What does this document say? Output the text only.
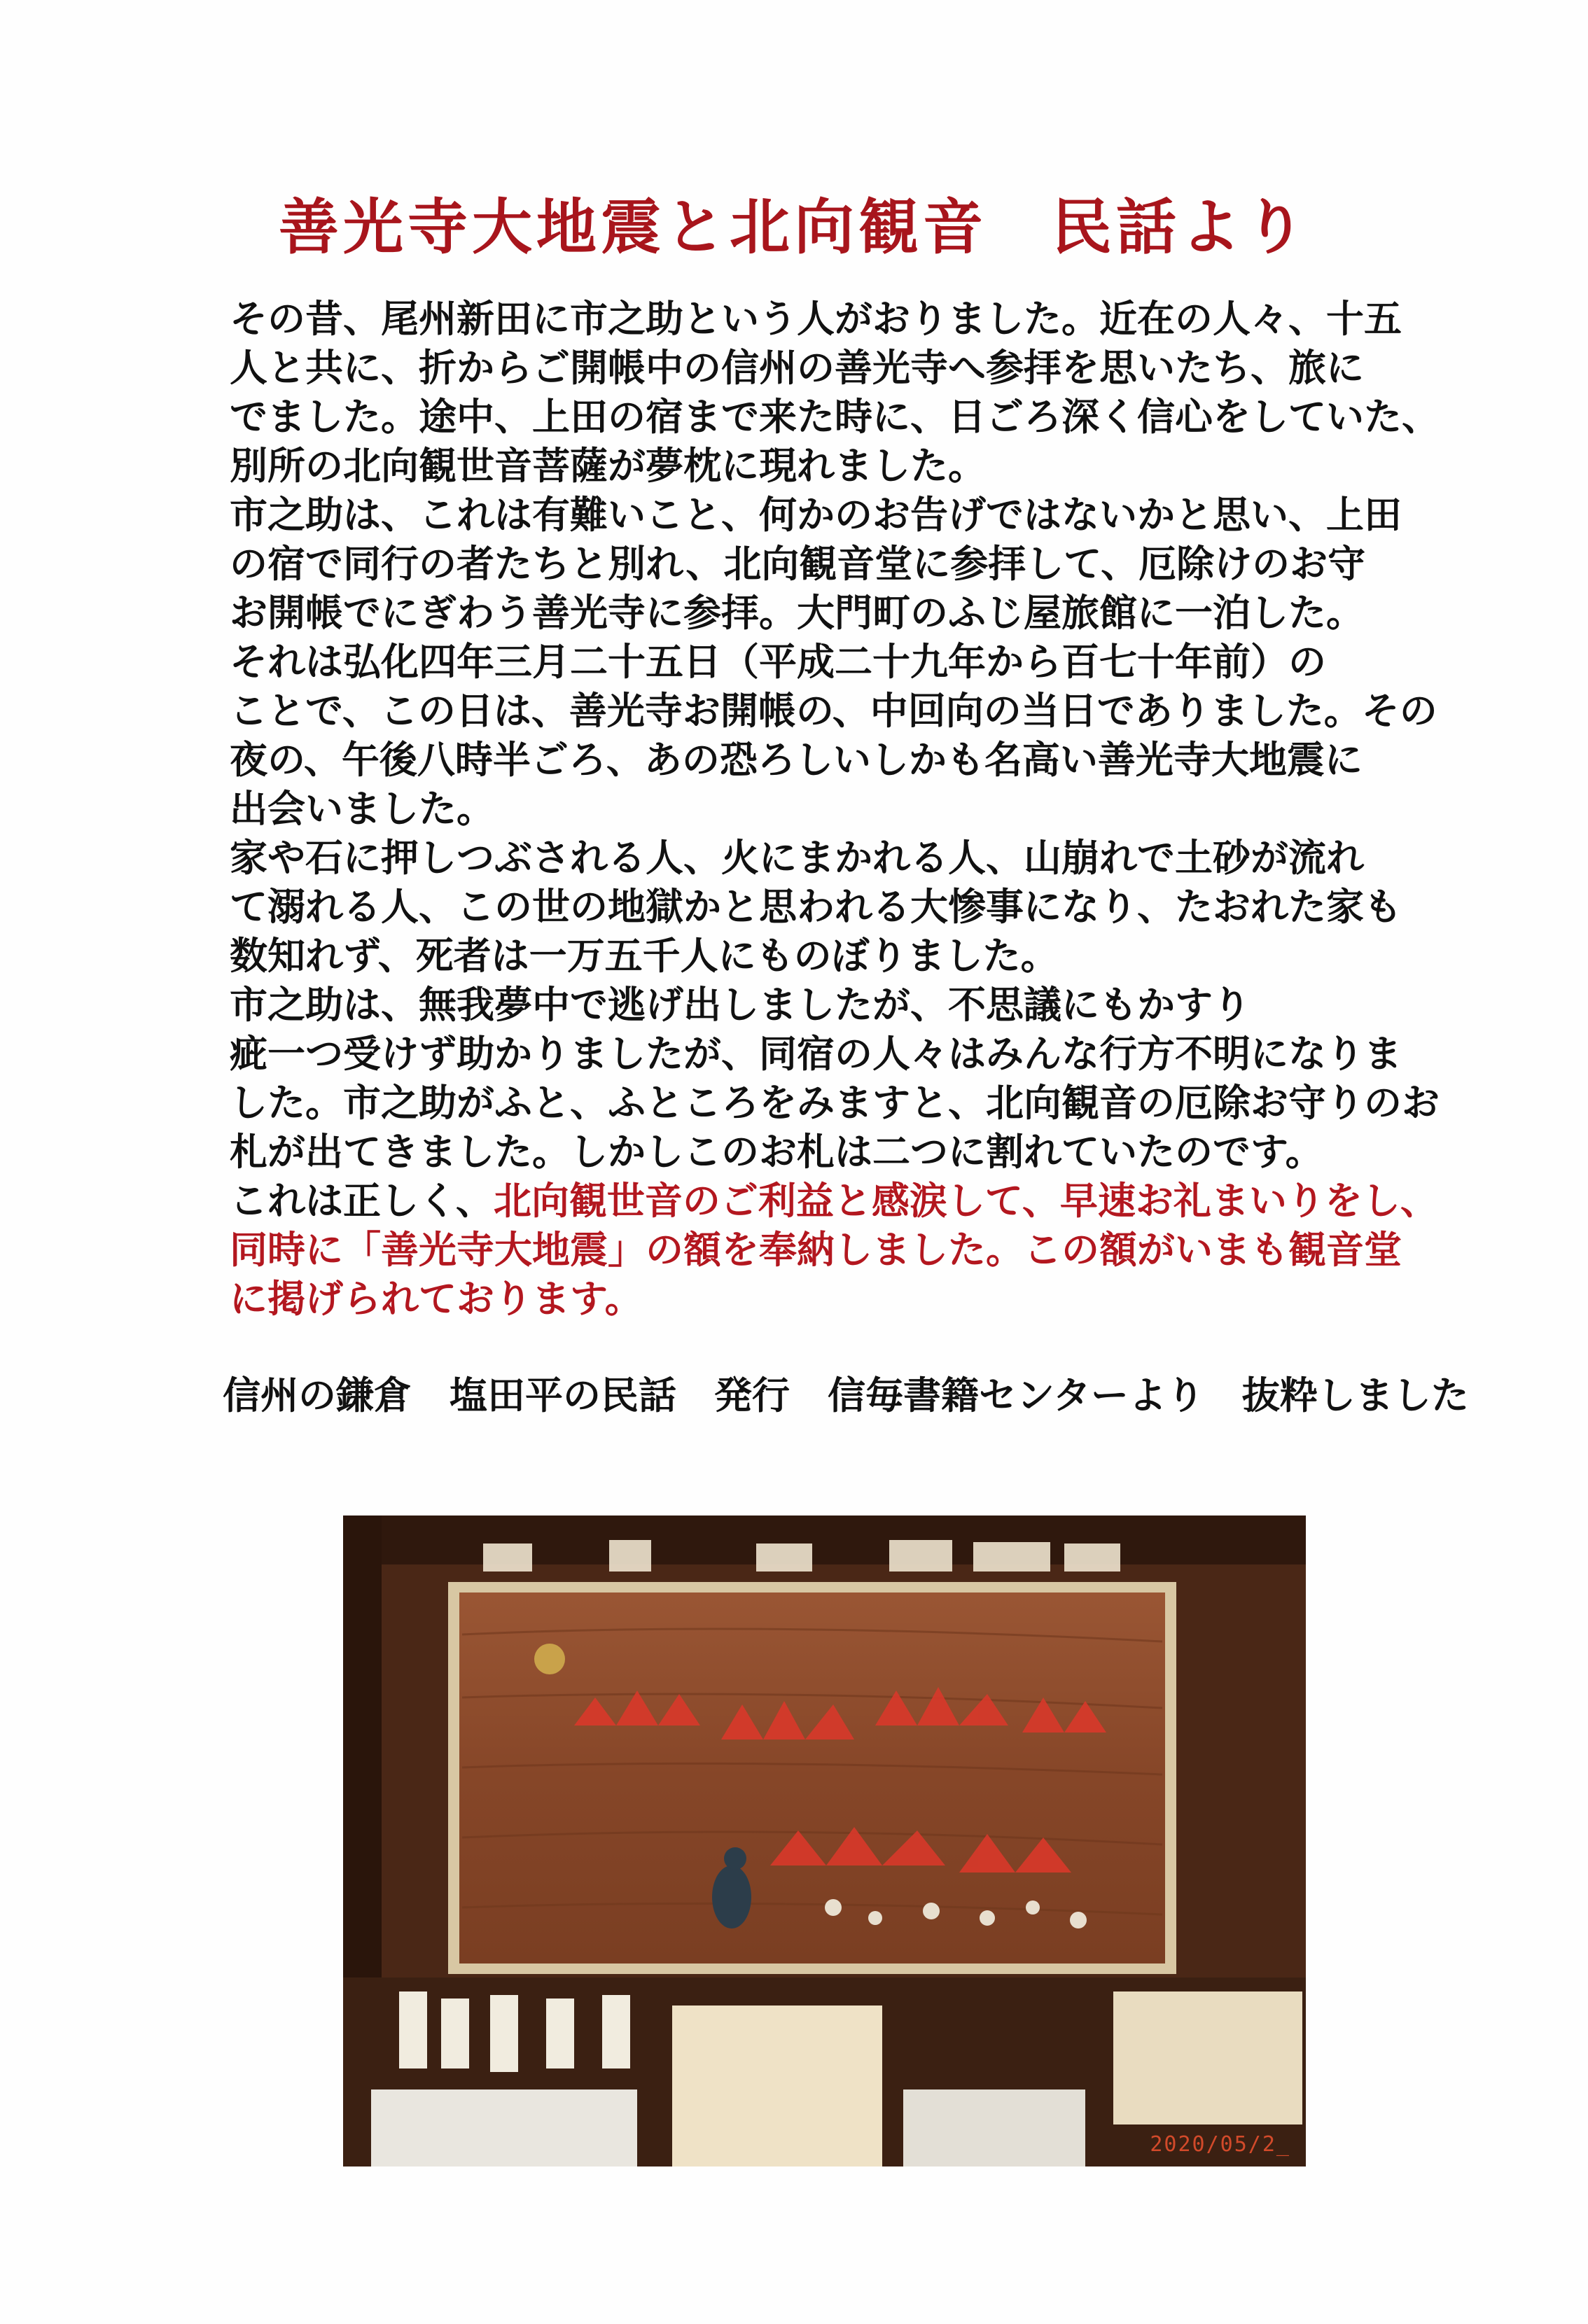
善光寺大地震と北向観音　民話より
その昔、尾州新田に市之助という人がおりました。近在の人々、十五
人と共に、折からご開帳中の信州の善光寺へ参拝を思いたち、旅に
でました。途中、上田の宿まで来た時に、日ごろ深く信心をしていた、
別所の北向観世音菩薩が夢枕に現れました。
市之助は、これは有難いこと、何かのお告げではないかと思い、上田
の宿で同行の者たちと別れ、北向観音堂に参拝して、厄除けのお守
お開帳でにぎわう善光寺に参拝。大門町のふじ屋旅館に一泊した。
それは弘化四年三月二十五日（平成二十九年から百七十年前）の
ことで、この日は、善光寺お開帳の、中回向の当日でありました。その
夜の、午後八時半ごろ、あの恐ろしいしかも名高い善光寺大地震に
出会いました。
家や石に押しつぶされる人、火にまかれる人、山崩れで土砂が流れ
て溺れる人、この世の地獄かと思われる大惨事になり、たおれた家も
数知れず、死者は一万五千人にものぼりました。
市之助は、無我夢中で逃げ出しましたが、不思議にもかすり
疵一つ受けず助かりましたが、同宿の人々はみんな行方不明になりま
した。市之助がふと、ふところをみますと、北向観音の厄除お守りのお
札が出てきました。しかしこのお札は二つに割れていたのです。
これは正しく、北向観世音のご利益と感涙して、早速お礼まいりをし、
同時に「善光寺大地震」の額を奉納しました。この額がいまも観音堂
に掲げられております。
信州の鎌倉　塩田平の民話　発行　信毎書籍センターより　抜粋しました
2020/05/2_
